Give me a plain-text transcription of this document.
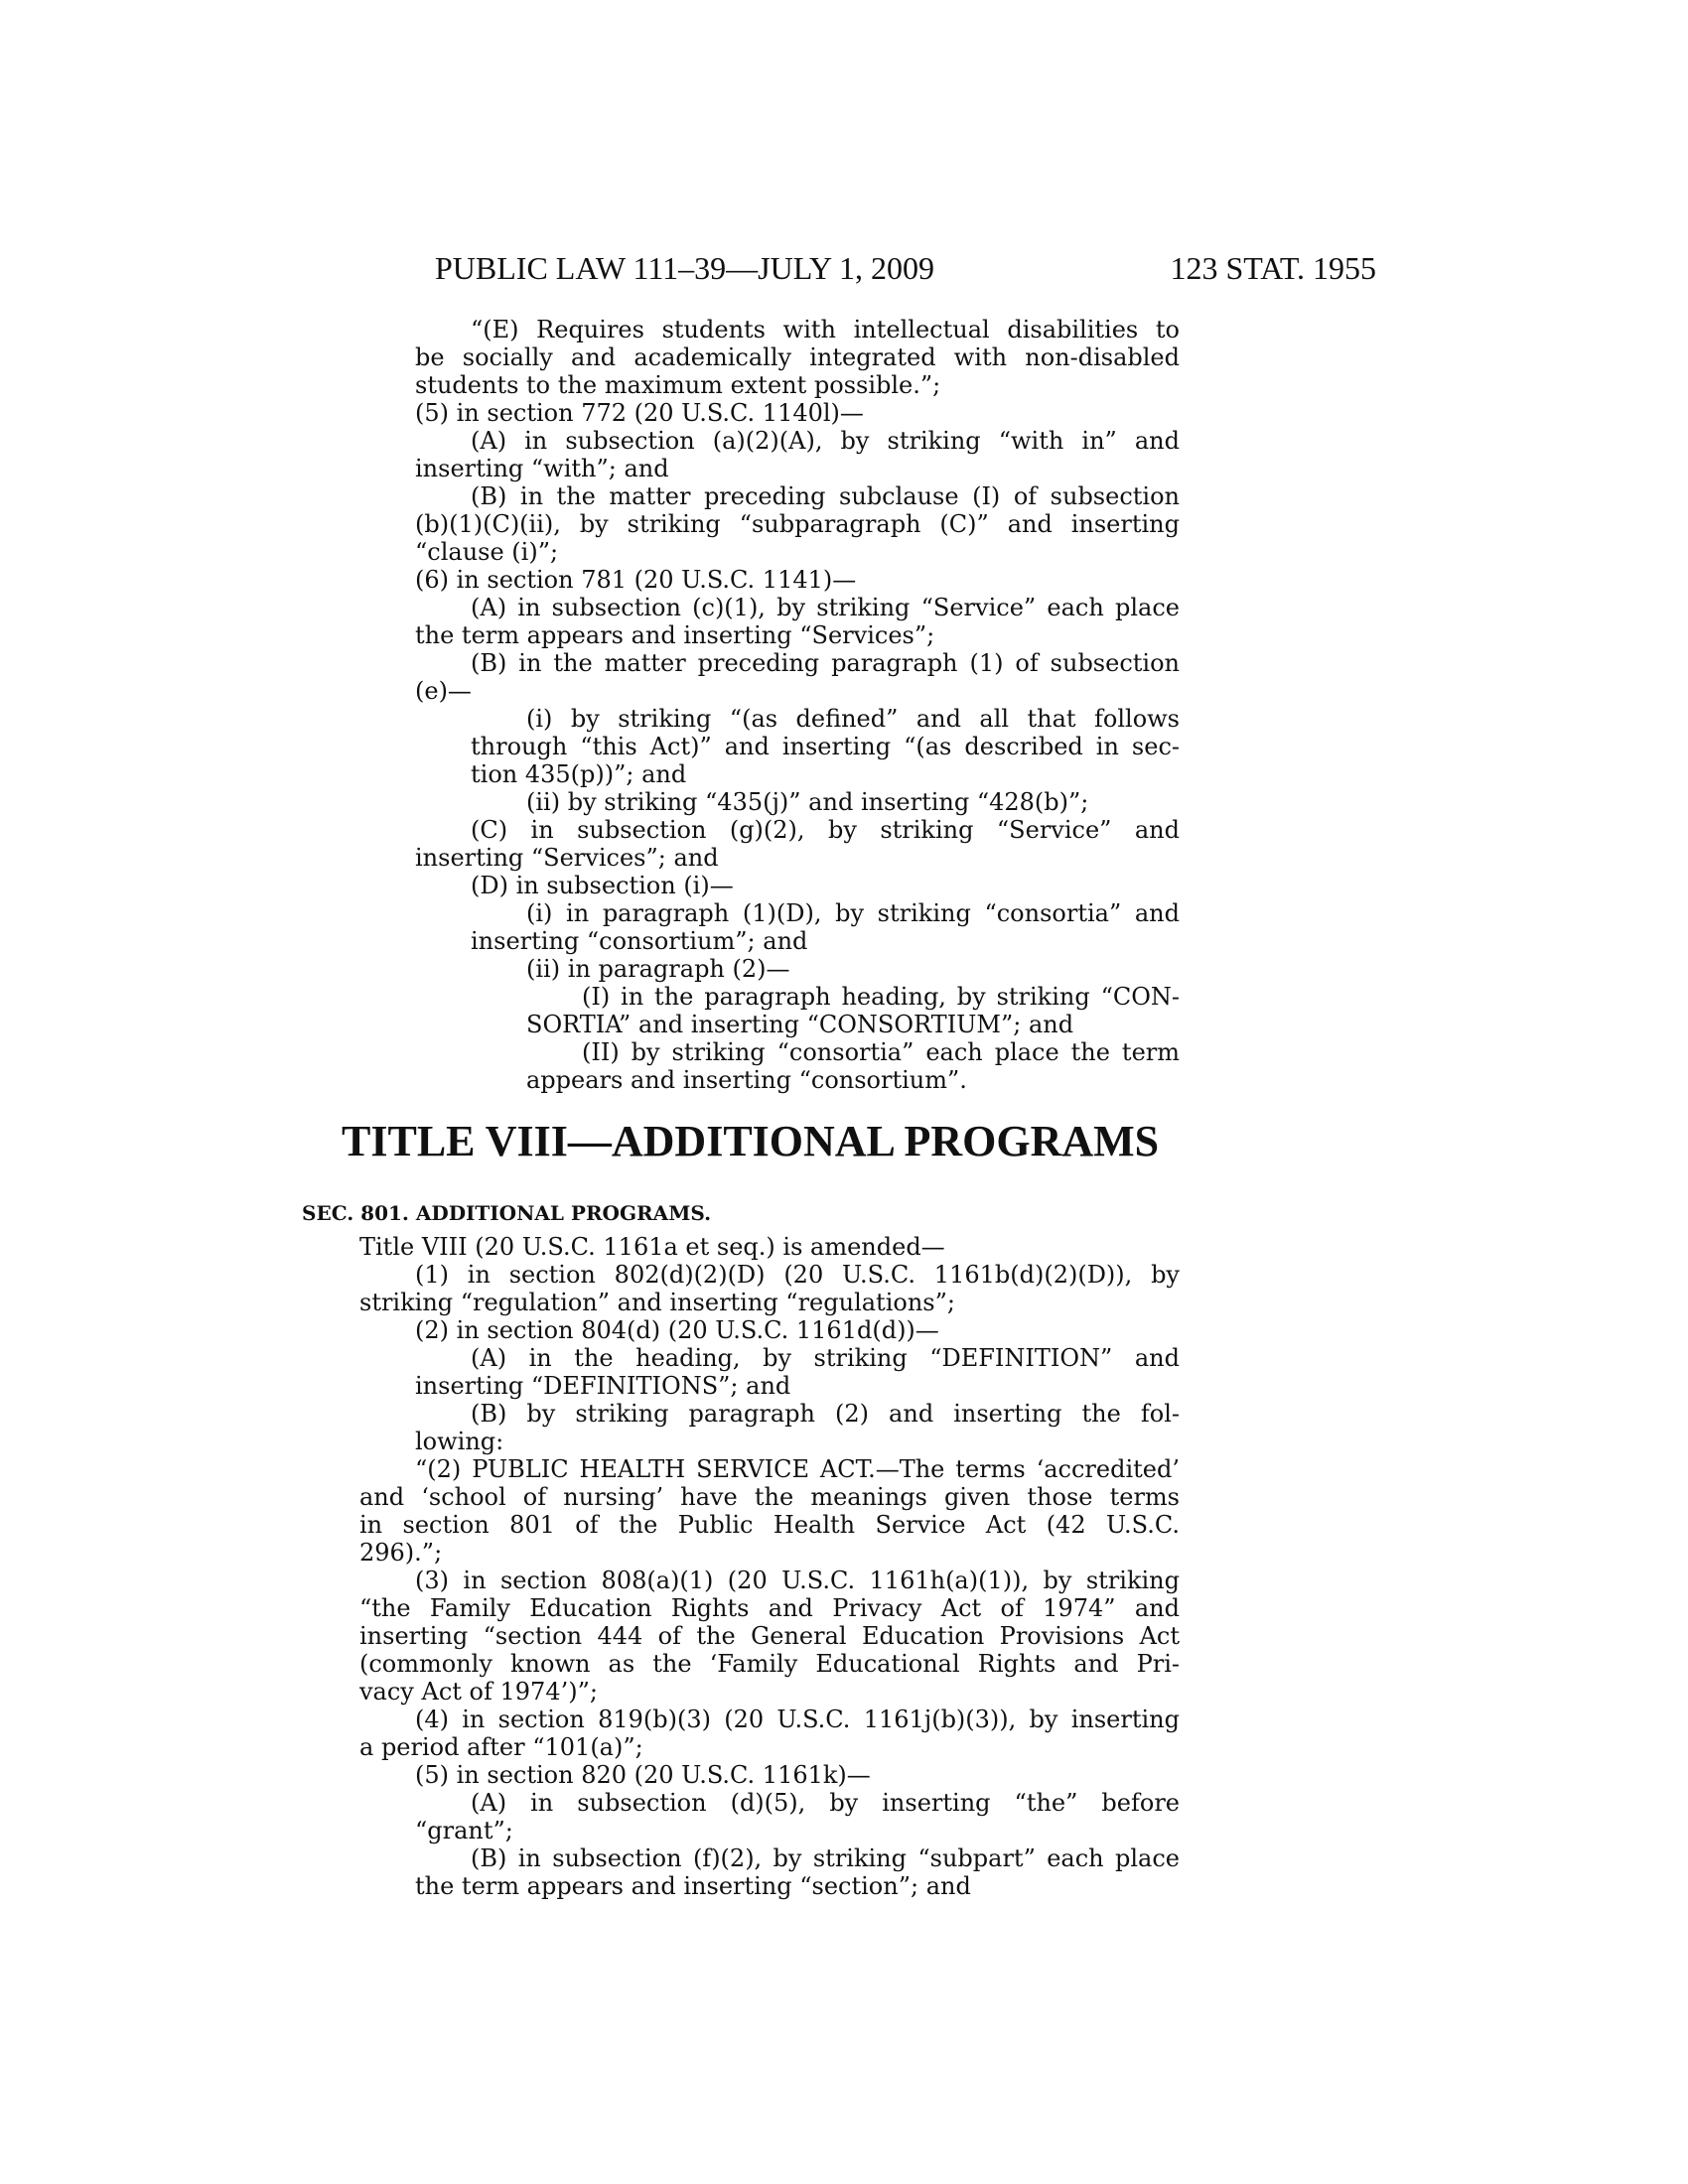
PUBLIC LAW 111–39—JULY 1, 2009	123 STAT. 1955
“(E) Requires students with intellectual disabilities to
be socially and academically integrated with non-disabled
students to the maximum extent possible.”;
(5) in section 772 (20 U.S.C. 1140l)—
(A) in subsection (a)(2)(A), by striking “with in” and
inserting “with”; and
(B) in the matter preceding subclause (I) of subsection
(b)(1)(C)(ii), by striking “subparagraph (C)” and inserting
“clause (i)”;
(6) in section 781 (20 U.S.C. 1141)—
(A) in subsection (c)(1), by striking “Service” each place
the term appears and inserting “Services”;
(B) in the matter preceding paragraph (1) of subsection
(e)—
(i) by striking “(as defined” and all that follows
through “this Act)” and inserting “(as described in sec-
tion 435(p))”; and
(ii) by striking “435(j)” and inserting “428(b)”;
(C) in subsection (g)(2), by striking “Service” and
inserting “Services”; and
(D) in subsection (i)—
(i) in paragraph (1)(D), by striking “consortia” and
inserting “consortium”; and
(ii) in paragraph (2)—
(I) in the paragraph heading, by striking “CON-
SORTIA” and inserting “CONSORTIUM”; and
(II) by striking “consortia” each place the term
appears and inserting “consortium”.
TITLE VIII—ADDITIONAL PROGRAMS
SEC. 801. ADDITIONAL PROGRAMS.
Title VIII (20 U.S.C. 1161a et seq.) is amended—
(1) in section 802(d)(2)(D) (20 U.S.C. 1161b(d)(2)(D)), by
striking “regulation” and inserting “regulations”;
(2) in section 804(d) (20 U.S.C. 1161d(d))—
(A) in the heading, by striking “DEFINITION” and
inserting “DEFINITIONS”; and
(B) by striking paragraph (2) and inserting the fol-
lowing:
“(2) PUBLIC HEALTH SERVICE ACT.—The terms ‘accredited’
and ‘school of nursing’ have the meanings given those terms
in section 801 of the Public Health Service Act (42 U.S.C.
296).”;
(3) in section 808(a)(1) (20 U.S.C. 1161h(a)(1)), by striking
“the Family Education Rights and Privacy Act of 1974” and
inserting “section 444 of the General Education Provisions Act
(commonly known as the ‘Family Educational Rights and Pri-
vacy Act of 1974’)”;
(4) in section 819(b)(3) (20 U.S.C. 1161j(b)(3)), by inserting
a period after “101(a)”;
(5) in section 820 (20 U.S.C. 1161k)—
(A) in subsection (d)(5), by inserting “the” before
“grant”;
(B) in subsection (f)(2), by striking “subpart” each place
the term appears and inserting “section”; and
